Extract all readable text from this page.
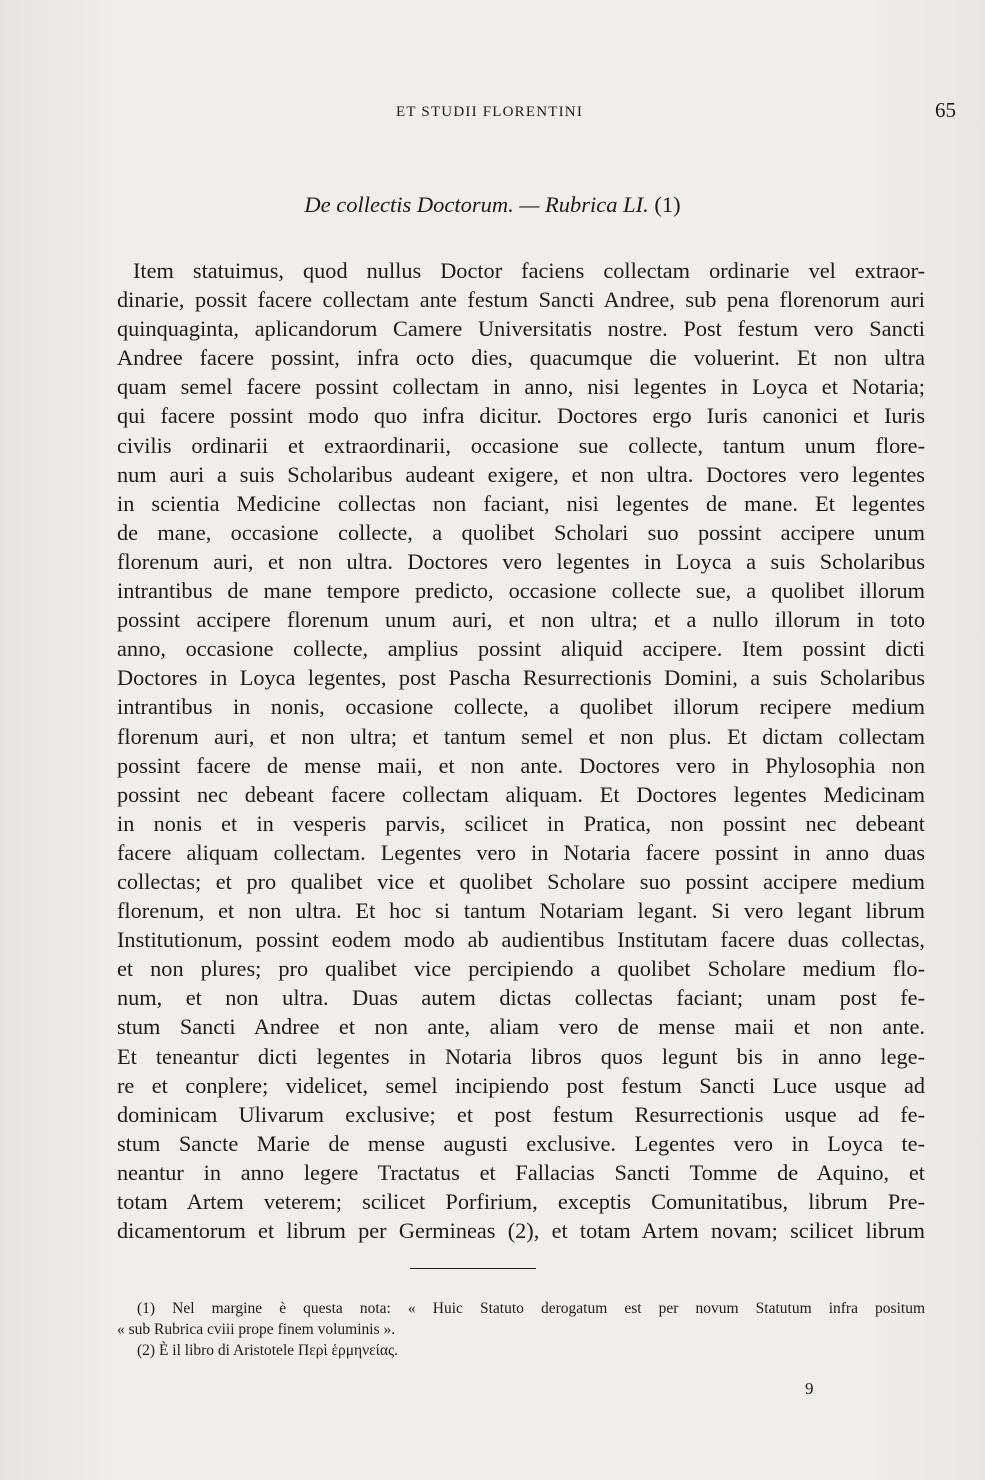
ET STUDII FLORENTINI	65
De collectis Doctorum. — Rubrica LI. (1)
Item statuimus, quod nullus Doctor faciens collectam ordinarie vel extraor-
dinarie, possit facere collectam ante festum Sancti Andree, sub pena florenorum auri
quinquaginta, aplicandorum Camere Universitatis nostre. Post festum vero Sancti
Andree facere possint, infra octo dies, quacumque die voluerint. Et non ultra
quam semel facere possint collectam in anno, nisi legentes in Loyca et Notaria;
qui facere possint modo quo infra dicitur. Doctores ergo Iuris canonici et Iuris
civilis ordinarii et extraordinarii, occasione sue collecte, tantum unum flore-
num auri a suis Scholaribus audeant exigere, et non ultra. Doctores vero legentes
in scientia Medicine collectas non faciant, nisi legentes de mane. Et legentes
de mane, occasione collecte, a quolibet Scholari suo possint accipere unum
florenum auri, et non ultra. Doctores vero legentes in Loyca a suis Scholaribus
intrantibus de mane tempore predicto, occasione collecte sue, a quolibet illorum
possint accipere florenum unum auri, et non ultra; et a nullo illorum in toto
anno, occasione collecte, amplius possint aliquid accipere. Item possint dicti
Doctores in Loyca legentes, post Pascha Resurrectionis Domini, a suis Scholaribus
intrantibus in nonis, occasione collecte, a quolibet illorum recipere medium
florenum auri, et non ultra; et tantum semel et non plus. Et dictam collectam
possint facere de mense maii, et non ante. Doctores vero in Phylosophia non
possint nec debeant facere collectam aliquam. Et Doctores legentes Medicinam
in nonis et in vesperis parvis, scilicet in Pratica, non possint nec debeant
facere aliquam collectam. Legentes vero in Notaria facere possint in anno duas
collectas; et pro qualibet vice et quolibet Scholare suo possint accipere medium
florenum, et non ultra. Et hoc si tantum Notariam legant. Si vero legant librum
Institutionum, possint eodem modo ab audientibus Institutam facere duas collectas,
et non plures; pro qualibet vice percipiendo a quolibet Scholare medium flo-
num, et non ultra. Duas autem dictas collectas faciant; unam post fe-
stum Sancti Andree et non ante, aliam vero de mense maii et non ante.
Et teneantur dicti legentes in Notaria libros quos legunt bis in anno lege-
re et conplere; videlicet, semel incipiendo post festum Sancti Luce usque ad
dominicam Ulivarum exclusive; et post festum Resurrectionis usque ad fe-
stum Sancte Marie de mense augusti exclusive. Legentes vero in Loyca te-
neantur in anno legere Tractatus et Fallacias Sancti Tomme de Aquino, et
totam Artem veterem; scilicet Porfirium, exceptis Comunitatibus, librum Pre-
dicamentorum et librum per Germineas (2), et totam Artem novam; scilicet librum
(1) Nel margine è questa nota: « Huic Statuto derogatum est per novum Statutum infra positum
« sub Rubrica cviii prope finem voluminis ».
(2) È il libro di Aristotele Περὶ ἑρμηνείας.
9
